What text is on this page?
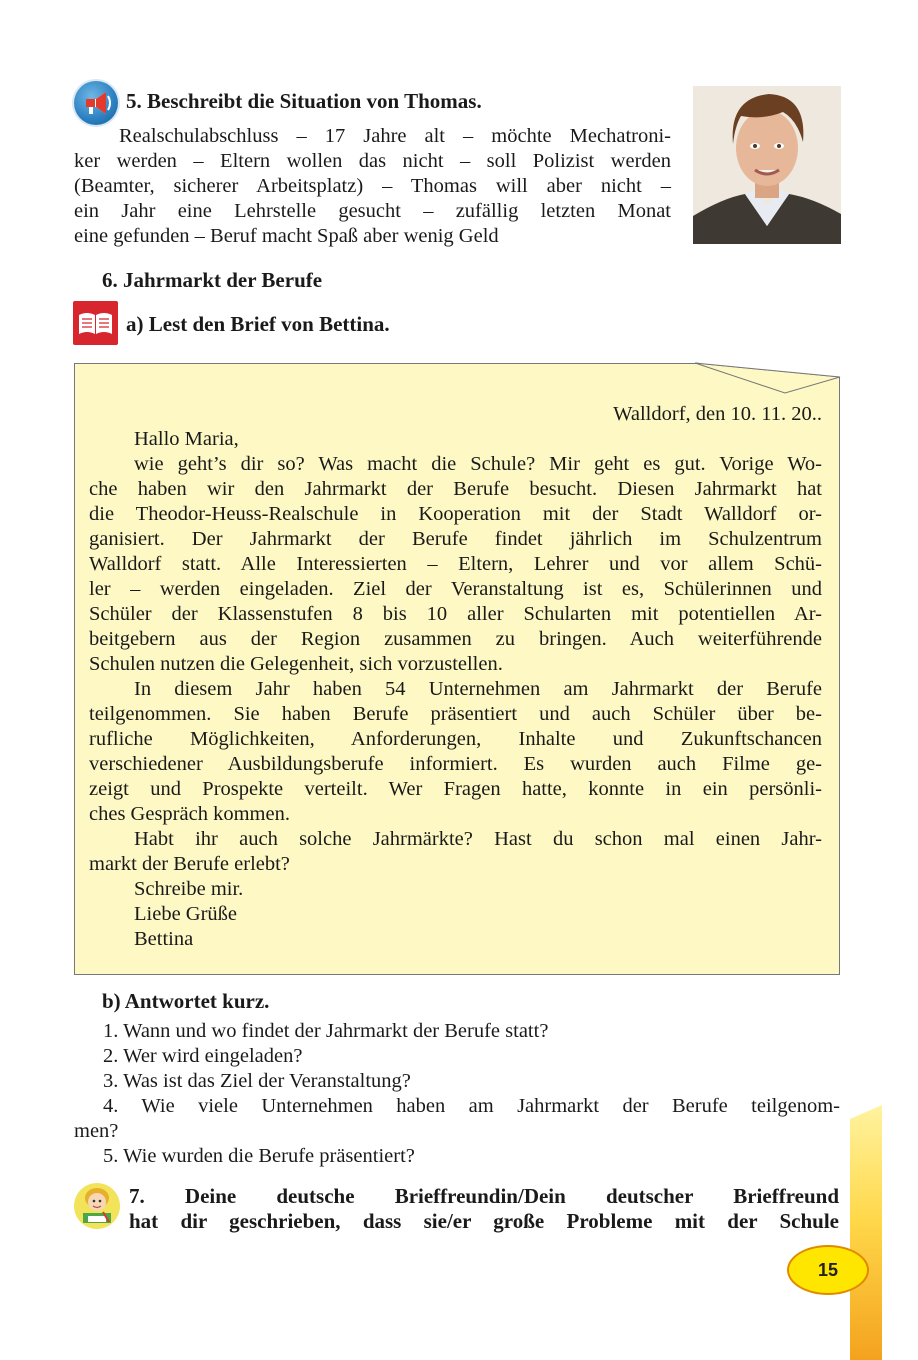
5. Beschreibt die Situation von Thomas.
Realschulabschluss – 17 Jahre alt – möchte Mechatroni-
ker werden – Eltern wollen das nicht – soll Polizist werden
(Beamter, sicherer Arbeitsplatz) – Thomas will aber nicht –
ein Jahr eine Lehrstelle gesucht – zufällig letzten Monat
eine gefunden – Beruf macht Spaß aber wenig Geld
6. Jahrmarkt der Berufe
a) Lest den Brief von Bettina.
Walldorf, den 10. 11. 20..
Hallo Maria,
wie geht’s dir so? Was macht die Schule? Mir geht es gut. Vorige Wo-
che haben wir den Jahrmarkt der Berufe besucht. Diesen Jahrmarkt hat
die Theodor-Heuss-Realschule in Kooperation mit der Stadt Walldorf or-
ganisiert. Der Jahrmarkt der Berufe findet jährlich im Schulzentrum
Walldorf statt. Alle Interessierten – Eltern, Lehrer und vor allem Schü-
ler – werden eingeladen. Ziel der Veranstaltung ist es, Schülerinnen und
Schüler der Klassenstufen 8 bis 10 aller Schularten mit potentiellen Ar-
beitgebern aus der Region zusammen zu bringen. Auch weiterführende
Schulen nutzen die Gelegenheit, sich vorzustellen.
In diesem Jahr haben 54 Unternehmen am Jahrmarkt der Berufe
teilgenommen. Sie haben Berufe präsentiert und auch Schüler über be-
rufliche Möglichkeiten, Anforderungen, Inhalte und Zukunftschancen
verschiedener Ausbildungsberufe informiert. Es wurden auch Filme ge-
zeigt und Prospekte verteilt. Wer Fragen hatte, konnte in ein persönli-
ches Gespräch kommen.
Habt ihr auch solche Jahrmärkte? Hast du schon mal einen Jahr-
markt der Berufe erlebt?
Schreibe mir.
Liebe Grüße
Bettina
b) Antwortet kurz.
1. Wann und wo findet der Jahrmarkt der Berufe statt?
2. Wer wird eingeladen?
3. Was ist das Ziel der Veranstaltung?
4. Wie viele Unternehmen haben am Jahrmarkt der Berufe teilgenom-
men?
5. Wie wurden die Berufe präsentiert?
7. Deine deutsche Brieffreundin/Dein deutscher Brieffreund
hat dir geschrieben, dass sie/er große Probleme mit der Schule
15
